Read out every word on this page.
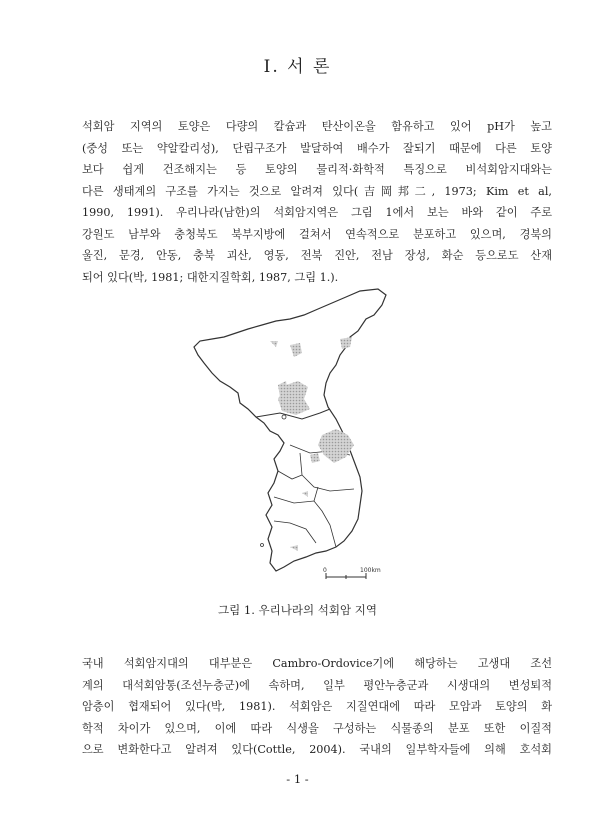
I. 서 론

석회암 지역의 토양은 다량의 칼슘과 탄산이온을 함유하고 있어 pH가 높고
(중성 또는 약알칼리성), 단립구조가 발달하여 배수가 잘되기 때문에 다른 토양
보다 쉽게 건조해지는 등 토양의 물리적·화학적 특징으로 비석회암지대와는
다른 생태계의 구조를 가지는 것으로 알려져 있다(吉岡邦二, 1973; Kim et al,
1990, 1991). 우리나라(남한)의 석회암지역은 그림 1에서 보는 바와 같이 주로
강원도 남부와 충청북도 북부지방에 걸쳐서 연속적으로 분포하고 있으며, 경북의
울진, 문경, 안동, 충북 괴산, 영동, 전북 진안, 전남 장성, 화순 등으로도 산재
되어 있다(박, 1981; 대한지질학회, 1987, 그림 1.).

0	100km
그림 1. 우리나라의 석회암 지역

국내 석회암지대의 대부분은 Cambro-Ordovice기에 해당하는 고생대 조선
계의 대석회암통(조선누층군)에 속하며, 일부 평안누층군과 시생대의 변성퇴적
암층이 협재되어 있다(박, 1981). 석회암은 지질연대에 따라 모암과 토양의 화
학적 차이가 있으며, 이에 따라 식생을 구성하는 식물종의 분포 또한 이질적
으로 변화한다고 알려져 있다(Cottle, 2004). 국내의 일부학자들에 의해 호석회

- 1 -
